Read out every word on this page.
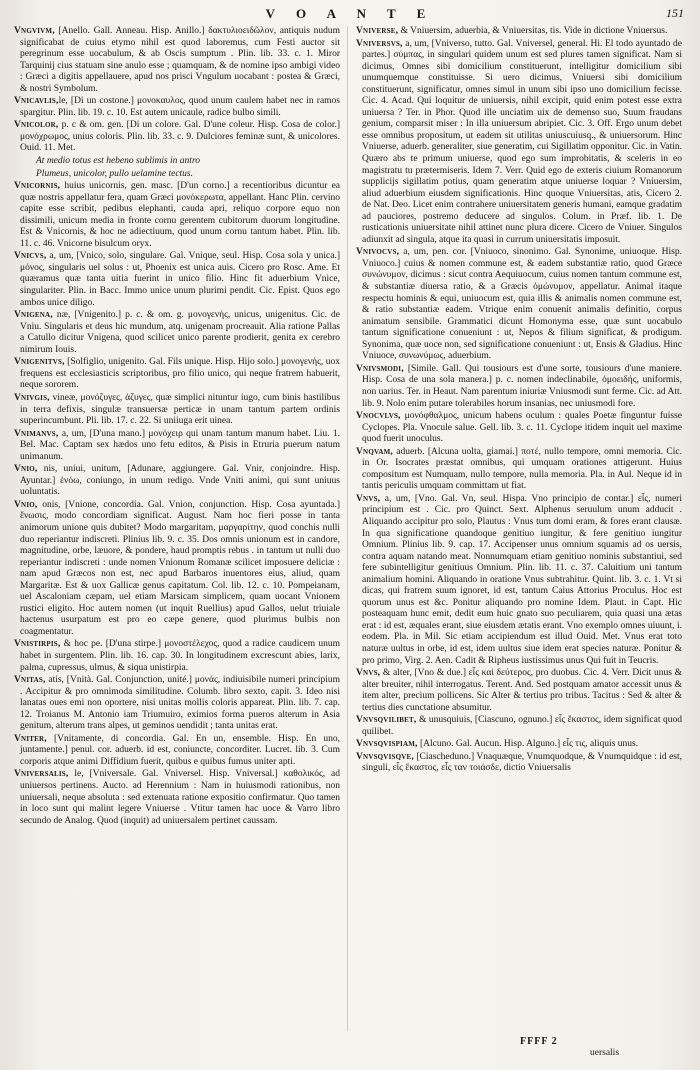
V O A N T E	151

Vngvivm, [Anello. Gall. Anneau. Hisp. Anillo.] δακτυλιοειδῶλον, antiquis nudum significabat de cuius etymo nihil est quod laboremus, cum Festi auctor sit peregrinum esse uocabulum, & ab Oscis sumptum . Plin. lib. 33. c. 1. Miror Tarquinij cius statuam sine anulo esse ; quamquam, & de nomine ipso ambigi video : Græci a digitis appellauere, apud nos prisci Vngulum uocabant : postea & Græci, & nostri Symbolum.

Vnicavlis,le, [Di un costone.] μονοκαυλος, quod unum caulem habet nec in ramos spargitur. Plin. lib. 19. c. 10. Est autem unicaule, radice bulbo simili.

Vnicolor, p. c & om. gen. [Di un colore. Gal. D'une coleur. Hisp. Cosa de color.] μονόχρωμος, unius coloris. Plin. lib. 33. c. 9. Dulciores feminæ sunt, & unicolores. Ouid. 11. Met.

At medio totus est hebeno sublimis in antro

Plumeus, unicolor, pullo uelamine tectus.

Vnicornis, huius unicornis, gen. masc. [D'un corno.] a recentioribus dicuntur ea quæ nostris appellatur fera, quam Græci μονόκερωτα, appellant. Hanc Plin. cervino capite esse scribit, pedibus elephanti, cauda apri, reliquo corpore equo non dissimili, unicum media in fronte cornu gerentem cubitorum duorum longitudine. Est & Vnicornis, & hoc ne adiectiuum, quod unum cornu tantum habet. Plin. lib. 11. c. 46. Vnicorne bisulcum oryx.

Vnicvs, a, um, [Vnico, solo, singulare. Gal. Vnique, seul. Hisp. Cosa sola y unica.] μόνος, singularis uel solus : ut, Phoenix est unica auis. Cicero pro Rosc. Ame. Et quæramus quæ tanta uitia fuerint in unico filio. Hinc fit aduerbium Vnice, singulariter. Plin. in Bacc. Immo unice unum plurimi pendit. Cic. Epist. Quos ego ambos unice diligo.

Vnigena, næ, [Vnigenito.] p. c. & om. g. μονογενής, unicus, unigenitus. Cic. de Vniu. Singularis et deus hic mundum, atq. unigenam procreauit. Alia ratione Pallas a Catullo dicitur Vnigena, quod scilicet unico parente prodierit, genita ex cerebro nimirum Iouis.

Vnigenitvs, [Solfiglio, unigenito. Gal. Fils unique. Hisp. Hijo solo.] μονογενής, uox frequens est ecclesiasticis scriptoribus, pro filio unico, qui neque fratrem habuerit, neque sororem.

Vnivgis, vineæ, μονόζυγες, ἀζυγες, quæ simplici nituntur iugo, cum binis hastilibus in terra defixis, singulæ transuersæ perticæ in unam tantum partem ordinis superincumbunt. Pli. lib. 17. c. 22. Si uniiuga erit uinea.

Vnimanvs, a, um, [D'una mano.] μονόχειρ qui unam tantum manum habet. Liu. 1. Bel. Mac. Captam sex hædos uno fetu editos, & Pisis in Etruria puerum natum unimanum.

Vnio, nis, uniui, unitum, [Adunare, aggiungere. Gal. Vnir, conjoindre. Hisp. Ayuntar.] ἑνόω, coniungo, in unum redigo. Vnde Vniti animi, qui sunt uniuus uoluntatis.

Vnio, onis, [Vnione, concordia. Gal. Vnion, conjunction. Hisp. Cosa ayuntada.] ἕνωσις, modo concordiam significat. August. Nam hoc fieri posse in tanta animorum unione quis dubitet? Modo margaritam, μαργαρίτην, quod conchis nulli duo reperiantur indiscreti. Plinius lib. 9. c. 35. Dos omnis unionum est in candore, magnitudine, orbe, læuore, & pondere, haud promptis rebus . in tantum ut nulli duo reperiantur indiscreti : unde nomen Vnionum Romanæ scilicet imposuere deliciæ : nam apud Græcos non est, nec apud Barbaros inuentores eius, aliud, quam Margaritæ. Est & uox Gallicæ genus capitatum. Col. lib. 12. c. 10. Pompeianam, uel Ascaloniam cæpam, uel etiam Marsicam simplicem, quam uocant Vnionem rustici eligito. Hoc autem nomen (ut inquit Ruellius) apud Gallos, uelut triuiale hactenus usurpatum est pro eo cæpe genere, quod plurimus bulbis non coagmentatur.

Vnistirpis, & hoc pe. [D'una stirpe.] μονοστέλεχος, quod a radice caudicem unum habet in surgentem. Plin. lib. 16. cap. 30. In longitudinem excrescunt abies, larix, palma, cupressus, ulmus, & siqua unistirpia.

Vnitas, atis, [Vnità. Gal. Conjunction, unité.] μονάς, indiuisibile numeri principium . Accipitur & pro omnimoda similitudine. Columb. libro sexto, capit. 3. Ideo nisi lanatas oues emi non oportere, nisi unitas mollis coloris appareat. Plin. lib. 7. cap. 12. Troianus M. Antonio iam Triumuiro, eximios forma pueros alterum in Asia genitum, alterum trans alpes, ut geminos uendidit ; tanta unitas erat.

Vniter, [Vnitamente, di concordia. Gal. En un, ensemble. Hisp. En uno, juntamente.] penul. cor. aduerb. id est, coniuncte, concorditer. Lucret. lib. 3. Cum corporis atque animi Diffidium fuerit, quibus e quibus fumus uniter apti.

Vniversalis, le, [Vniversale. Gal. Vniversel. Hisp. Vniversal.] καθολικός, ad uniuersos pertinens. Aucto. ad Herennium : Nam in huiusmodi rationibus, non uniuersali, neque absoluta : sed extenuata ratione expositio confirmatur. Quo tamen in loco sunt qui malint legere Vniuerse . Vtitur tamen hac uoce & Varro libro secundo de Analog. Quod (inquit) ad uniuersalem pertinet caussam.

Vniverse, & Vniuersim, aduerbia, & Vniuersitas, tis. Vide in dictione Vniuersus.

Vniversvs, a, um, [Vniverso, tutto. Gal. Vniversel, general. Hi. El todo ayuntado de partes.] σύμπας, in singulari quidem unum est sed plures tamen significat. Nam si dicimus, Omnes sibi domicilium constituerunt, intelligitur domicilium sibi unumquemque constituisse. Si uero dicimus, Vniuersi sibi domicilium constituerunt, significatur, omnes simul in unum sibi ipso uno domicilium fecisse. Cic. 4. Acad. Qui loquitur de uniuersis, nihil excipit, quid enim potest esse extra uniuersa ? Ter. in Phor. Quod ille unciatim uix de demenso suo, Suum fraudans genium, comparsit miser : In illa uniuersum abripiet. Cic. 3. Off. Ergo unum debet esse omnibus propositum, ut eadem sit utilitas uniuscuiusq., & uniuersorum. Hinc Vniuerse, aduerb. generaliter, siue generatim, cui Sigillatim opponitur. Cic. in Vatin. Quæro abs te primum uniuerse, quod ego sum improbitatis, & sceleris in eo magistratu tu prætermiseris. Idem 7. Verr. Quid ego de exteris ciuium Romanorum supplicijs sigillatim potius, quam generatim atque uniuerse loquar ? Vniuersim, aliud aduerbium eiusdem significationis. Hinc quoque Vniuersitas, atis, Cicero 2. de Nat. Deo. Licet enim contrahere uniuersitatem generis humani, eamque gradatim ad pauciores, postremo deducere ad singulos. Colum. in Præf. lib. 1. De rusticationis uniuersitate nihil attinet nunc plura dicere. Cicero de Vniuer. Singulos adiunxit ad singula, atque ita quasi in currum uniuersitatis imposuit.

Vnivocvs, a, um, pen. cor. [Vniuoco, sinonimo. Gal. Synonime, uniuoque. Hisp. Vniuoco.] cuius & nomen commune est, & eadem substantiæ ratio, quod Græce συνώνυμον, dicimus : sicut contra Aequiuocum, cuius nomen tantum commune est, & substantiæ diuersa ratio, & a Græcis ὁμώνυμον, appellatur. Animal itaque respectu hominis & equi, uniuocum est, quia illis & animalis nomen commune est, & ratio substantiæ eadem. Vtrique enim conuenit animalis definitio, corpus animatum sensibile. Grammatici dicunt Homonyma esse, quæ sunt uocabulo tantum significatione conueniunt : ut, Nepos & filium significat, & prodigum. Synonima, quæ uoce non, sed significatione conueniunt : ut, Ensis & Gladius. Hinc Vniuoce, συνωνύμως, aduerbium.

Vnivsmodi, [Simile. Gall. Qui tousiours est d'une sorte, tousiours d'une maniere. Hisp. Cosa de una sola manera.] p. c. nomen indeclinabile, ὁμοειδής, uniformis, non uarius. Ter. in Heaut. Nam parentum iniuriæ Vniusmodi sunt ferme. Cic. ad Att. lib. 9. Nolo enim putare tolerabiles horum insanias, nec uniusmodi fore.

Vnocvlvs, μονόφθαλμος, unicum habens oculum : quales Poetæ finguntur fuisse Cyclopes. Pla. Vnocule salue. Gell. lib. 3. c. 11. Cyclope itidem inquit uel maxime quod fuerit unoculus.

Vnqvam, aduerb. [Alcuna uolta, giamai.] ποτέ, nullo tempore, omni memoria. Cic. in Or. Isocrates præstat omnibus, qui umquam orationes attigerunt. Huius compositum est Numquam, nullo tempore, nulla memoria. Pla. in Aul. Neque id in tantis periculis umquam committam ut fiat.

Vnvs, a, um, [Vno. Gal. Vn, seul. Hispa. Vno principio de contar.] εἷς, numeri principium est . Cic. pro Quinct. Sext. Alphenus seruulum unum adducit . Aliquando accipitur pro solo, Plautus : Vnus tum domi eram, & fores erant clausæ. In qua significatione quandoque genitiuo iungitur, & fere genitiuo iungitur Omnium. Plinius lib. 9. cap. 17. Accipenser unus omnium squamis ad os uersis, contra aquam natando meat. Nonnumquam etiam genitiuo nominis substantiui, sed fere subintelligitur genitiuus Omnium. Plin. lib. 11. c. 37. Caluitium uni tantum animalium homini. Aliquando in oratione Vnus subtrahitur. Quint. lib. 3. c. 1. Vt si dicas, qui fratrem suum ignoret, id est, tantum Caius Attorius Proculus. Hoc est quorum unus est &c. Ponitur aliquando pro nomine Idem. Plaut. in Capt. Hic posteaquam hunc emit, dedit eum huic gnato suo peculiarem, quia quasi una ætas erat : id est, æquales erant, siue eiusdem ætatis erant. Vno exemplo omnes uiuunt, i. eodem. Pla. in Mil. Sic etiam accipiendum est illud Ouid. Met. Vnus erat toto naturæ uultus in orbe, id est, idem uultus siue idem erat species naturæ. Ponitur & pro primo, Virg. 2. Aen. Cadit & Ripheus iustissimus unus Qui fuit in Teucris.

Vnvs, & alter, [Vno & due.] εἷς καὶ δεύτερος, pro duobus. Cic. 4. Verr. Dicit unus & alter breuiter, nihil interrogatus. Terent. And. Sed postquam amator accessit unus & item alter, precium pollicens. Sic Alter & tertius pro tribus. Tacitus : Sed & alter & tertius dies cunctatione absumitur.

Vnvsqvilibet, & unusquiuis, [Ciascuno, ognuno.] εἷς ἕκαστος, idem significat quod quilibet.

Vnvsqvispiam, [Alcuno. Gal. Aucun. Hisp. Alguno.] εἷς τις, aliquis unus.

Vnvsqvisqve, [Ciascheduno.] Vnaquæque, Vnumquodque, & Vnumquidque : id est, singuli, εἷς ἕκαστος, εἷς ταν τοιάσδε, dictio Vniuersalis

FFFF 2
uersalis
